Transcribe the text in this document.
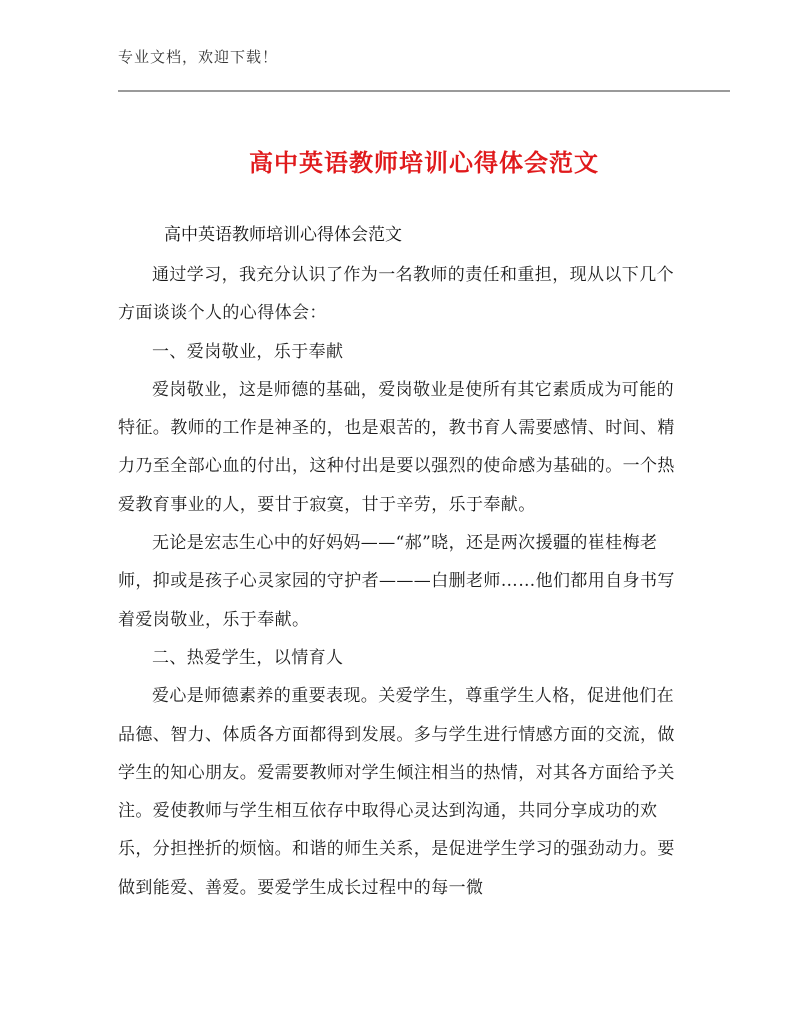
专业文档，欢迎下载！
高中英语教师培训心得体会范文
高中英语教师培训心得体会范文

通过学习，我充分认识了作为一名教师的责任和重担，现从以下几个方面谈谈个人的心得体会：

一、爱岗敬业，乐于奉献

爱岗敬业，这是师德的基础，爱岗敬业是使所有其它素质成为可能的特征。教师的工作是神圣的，也是艰苦的，教书育人需要感情、时间、精力乃至全部心血的付出，这种付出是要以强烈的使命感为基础的。一个热爱教育事业的人，要甘于寂寞，甘于辛劳，乐于奉献。

无论是宏志生心中的好妈妈——“郝”晓，还是两次援疆的崔桂梅老师，抑或是孩子心灵家园的守护者———白删老师……他们都用自身书写着爱岗敬业，乐于奉献。

二、热爱学生，以情育人

爱心是师德素养的重要表现。关爱学生，尊重学生人格，促进他们在品德、智力、体质各方面都得到发展。多与学生进行情感方面的交流，做学生的知心朋友。爱需要教师对学生倾注相当的热情，对其各方面给予关注。爱使教师与学生相互依存中取得心灵达到沟通，共同分享成功的欢乐，分担挫折的烦恼。和谐的师生关系，是促进学生学习的强劲动力。要做到能爱、善爱。要爱学生成长过程中的每一微
